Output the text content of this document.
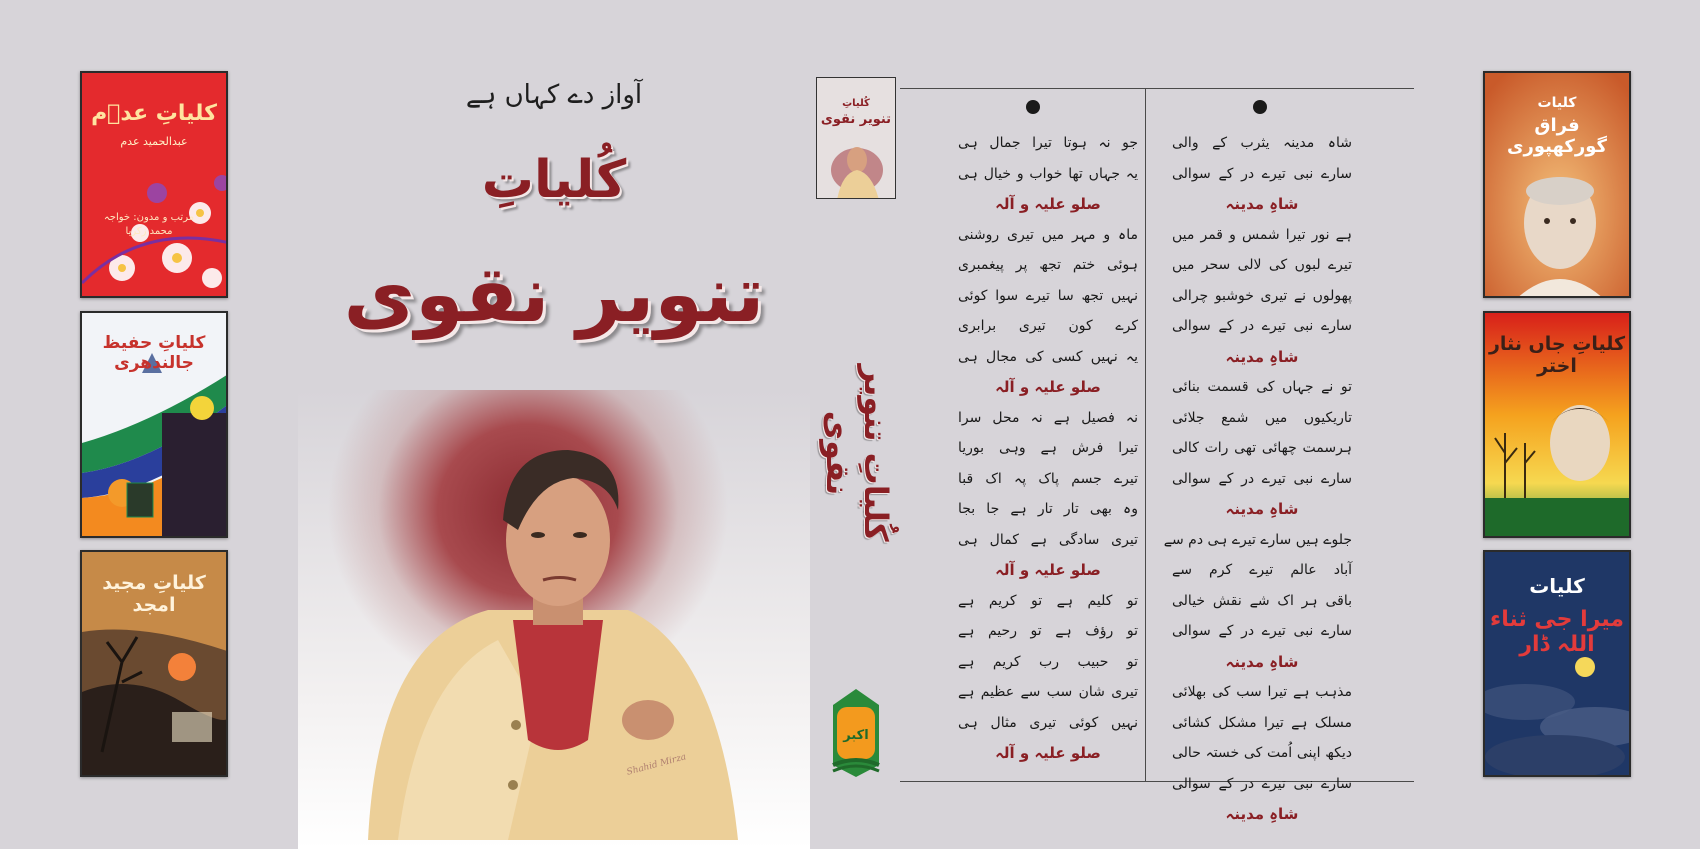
کلیاتِ عدؔم
عبدالحمید عدم
مرتب و مدون: خواجہ محمد زکریا
کلیاتِ حفیظ جالندھری
کلیاتِ مجید امجد
کلیات
فراق گورکھپوری
کلیاتِ جاں نثار اختر
کلیات
میرا جی ثناء اللہ ڈار
آواز دے کہاں ہے
کُلیاتِ
تنویر نقوی
Shahid Mirza
کُلیاتِ
تنویر نقوی
کُلیاتِ تنویر نقوی
اکبر
جو نہ ہوتا تیرا جمال ہی
یہ جہاں تھا خواب و خیال ہی
صلو علیہ و آلہ
ماہ و مہر میں تیری روشنی
ہوئی ختم تجھ پر پیغمبری
نہیں تجھ سا تیرے سوا کوئی
کرے کون تیری برابری
یہ نہیں کسی کی مجال ہی
صلو علیہ و آلہ
نہ فصیل ہے نہ محل سرا
تیرا فرش ہے وہی بوریا
تیرے جسم پاک پہ اک قبا
وہ بھی تار تار ہے جا بجا
تیری سادگی ہے کمال ہی
صلو علیہ و آلہ
تو کلیم ہے تو کریم ہے
تو رؤف ہے تو رحیم ہے
تو حبیب رب کریم ہے
تیری شان سب سے عظیم ہے
نہیں کوئی تیری مثال ہی
صلو علیہ و آلہ
شاہ مدینہ یثرب کے والی
سارے نبی تیرے در کے سوالی
شاہِ مدینہ
ہے نور تیرا شمس و قمر میں
تیرے لبوں کی لالی سحر میں
پھولوں نے تیری خوشبو چرالی
سارے نبی تیرے در کے سوالی
شاہِ مدینہ
تو نے جہاں کی قسمت بنائی
تاریکیوں میں شمع جلائی
ہرسمت چھائی تھی رات کالی
سارے نبی تیرے در کے سوالی
شاہِ مدینہ
جلوے ہیں سارے تیرے ہی دم سے
آباد عالم تیرے کرم سے
باقی ہر اک شے نقش خیالی
سارے نبی تیرے در کے سوالی
شاہِ مدینہ
مذہب ہے تیرا سب کی بھلائی
مسلک ہے تیرا مشکل کشائی
دیکھ اپنی اُمت کی خستہ حالی
سارے نبی تیرے در کے سوالی
شاہِ مدینہ
